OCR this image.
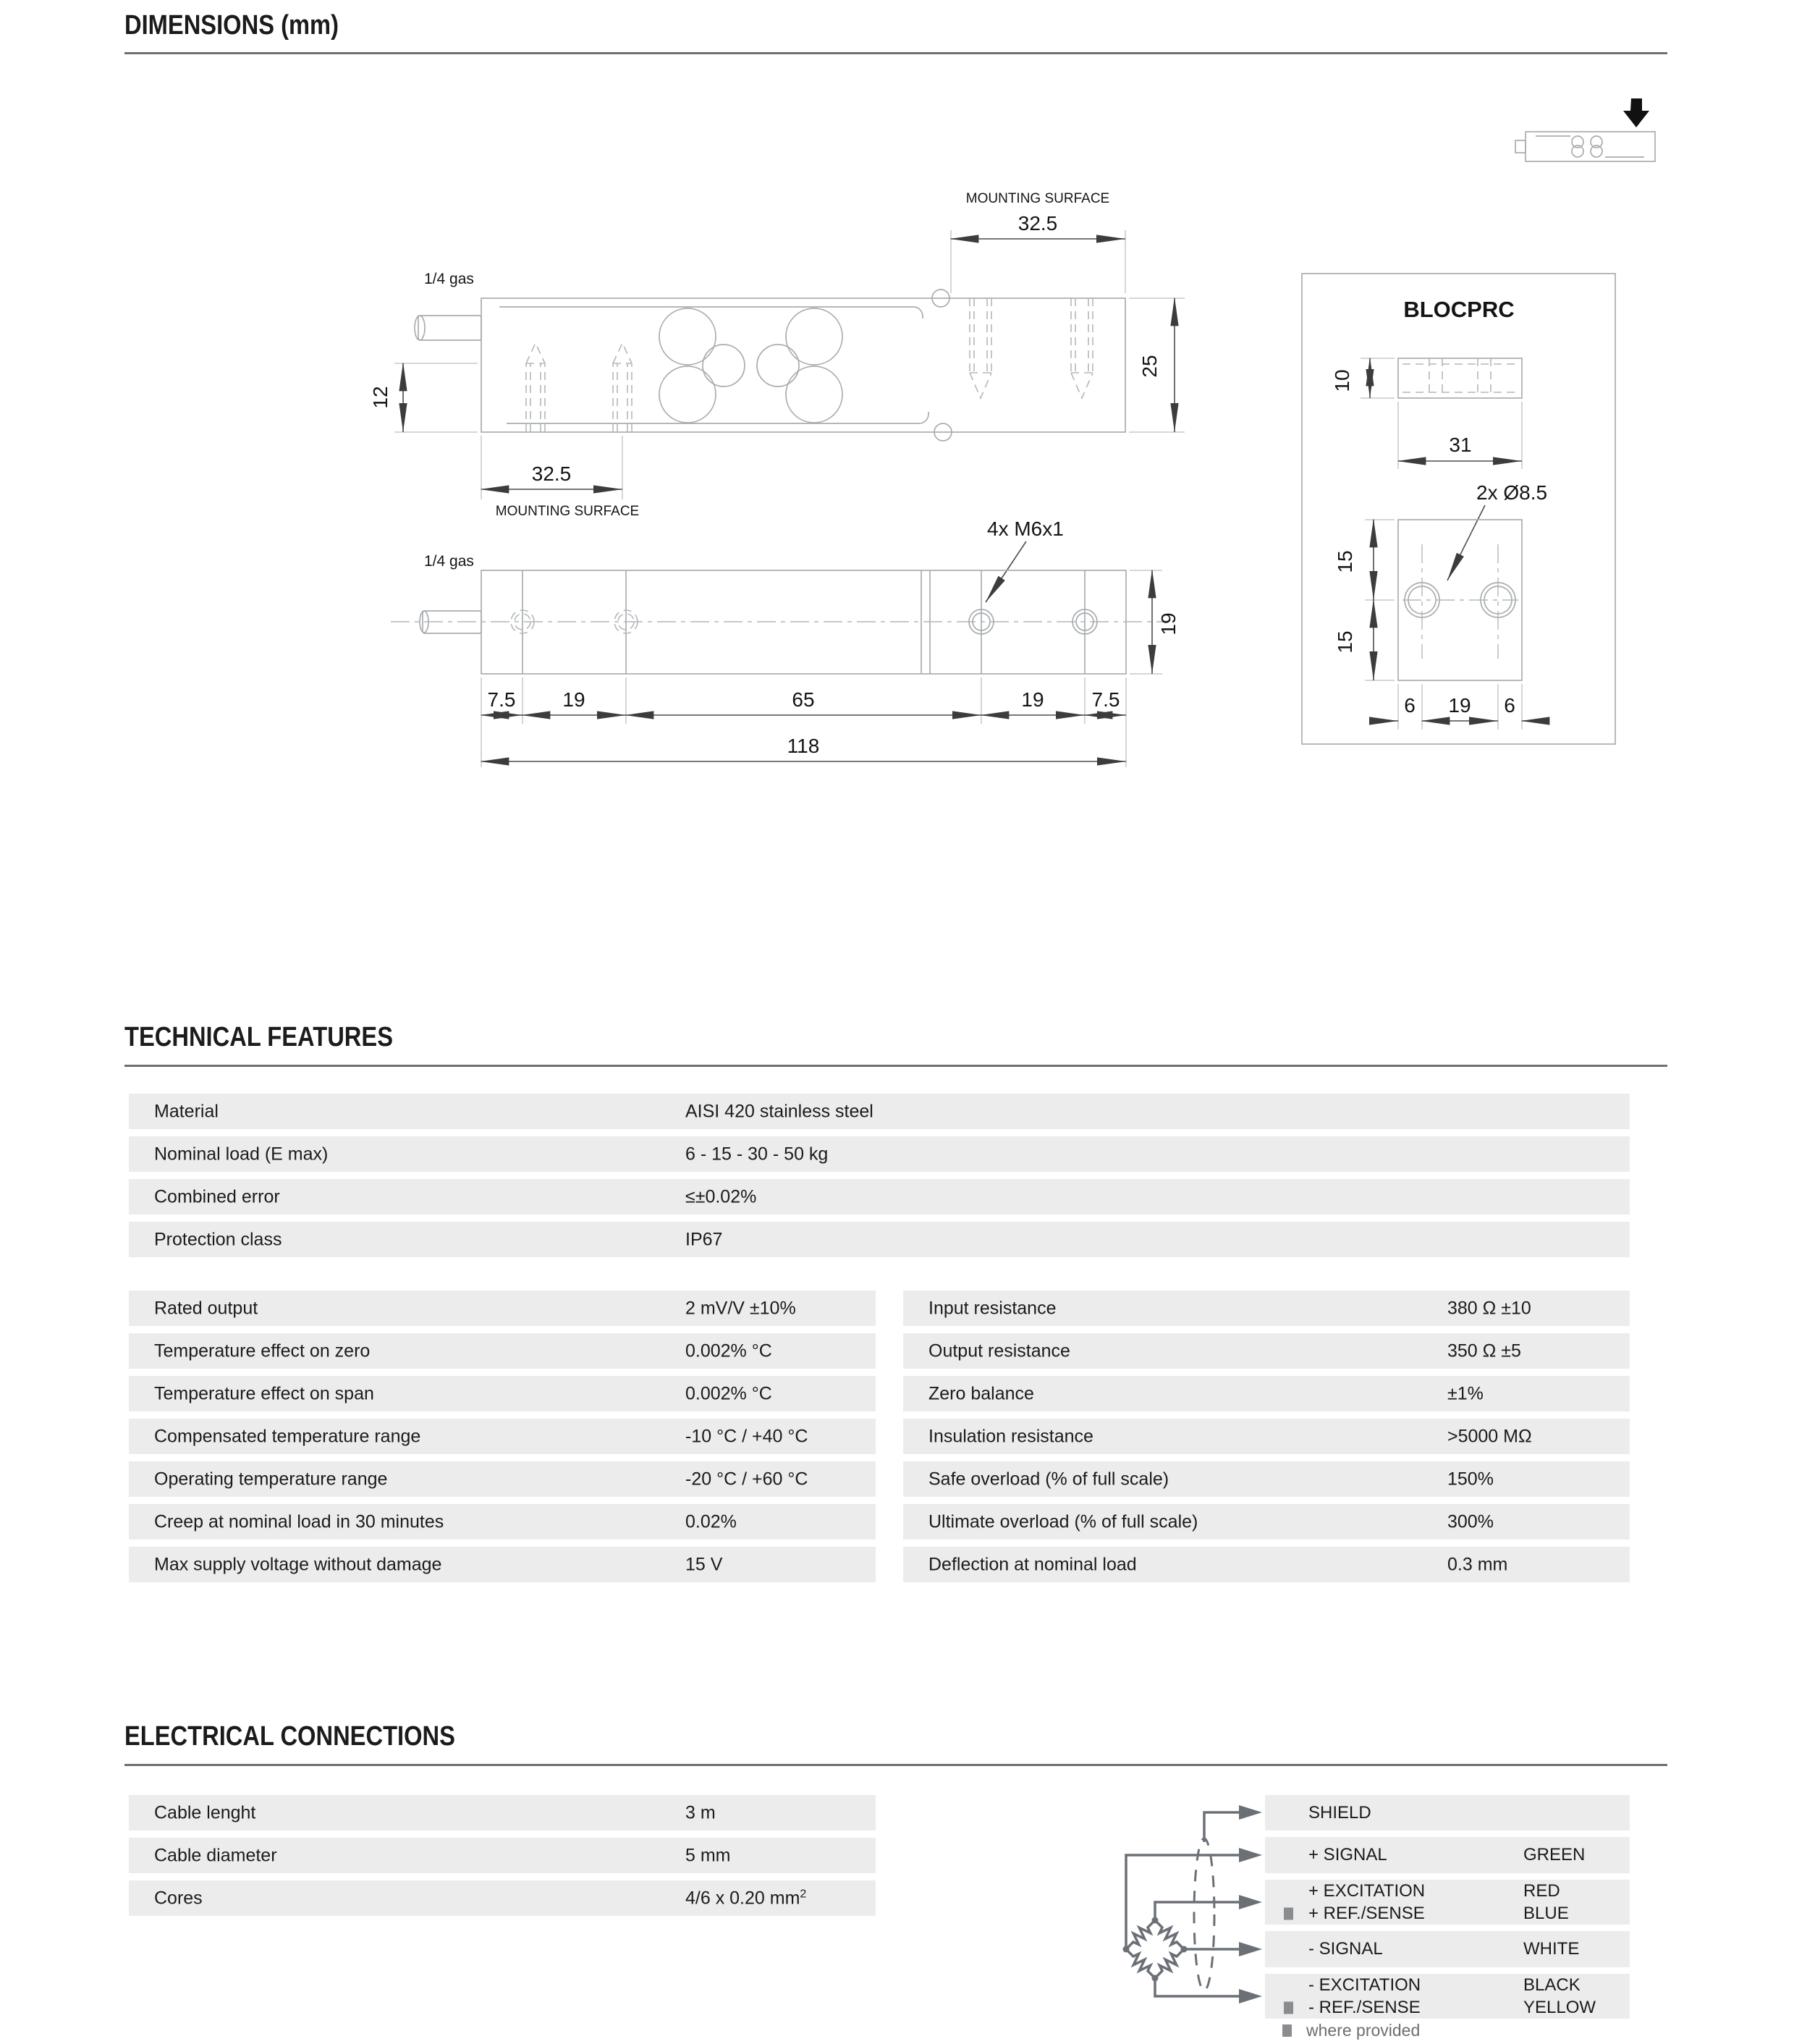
DIMENSIONS (mm)
32.5
MOUNTING SURFACE
1/4 gas
12
25
32.5
MOUNTING SURFACE
4x M6x1
1/4 gas
19
7.5 19	65	19 7.5
118
BLOCPRC
10
31
2x Ø8.5
15
15
6 19 6
TECHNICAL FEATURES
Material	AISI 420 stainless steel
Nominal load (E max)	6 - 15 - 30 - 50 kg
Combined error	≤±0.02%
Protection class	IP67
Rated output	2 mV/V ±10%
Temperature effect on zero	0.002% °C
Temperature effect on span	0.002% °C
Compensated temperature range	-10 °C / +40 °C
Operating temperature range	-20 °C / +60 °C
Creep at nominal load in 30 minutes	0.02%
Max supply voltage without damage	15 V
Input resistance	380 Ω ±10
Output resistance	350 Ω ±5
Zero balance	±1%
Insulation resistance	>5000 MΩ
Safe overload (% of full scale)	150%
Ultimate overload (% of full scale)	300%
Deflection at nominal load	0.3 mm
ELECTRICAL CONNECTIONS
Cable lenght	3 m
Cable diameter	5 mm
Cores	4/6 x 0.20 $mm^2$
SHIELD
+ SIGNAL	GREEN
+ EXCITATION	RED
+ REF./SENSE	BLUE
- SIGNAL	WHITE
- EXCITATION	BLACK
- REF./SENSE	YELLOW
where provided
